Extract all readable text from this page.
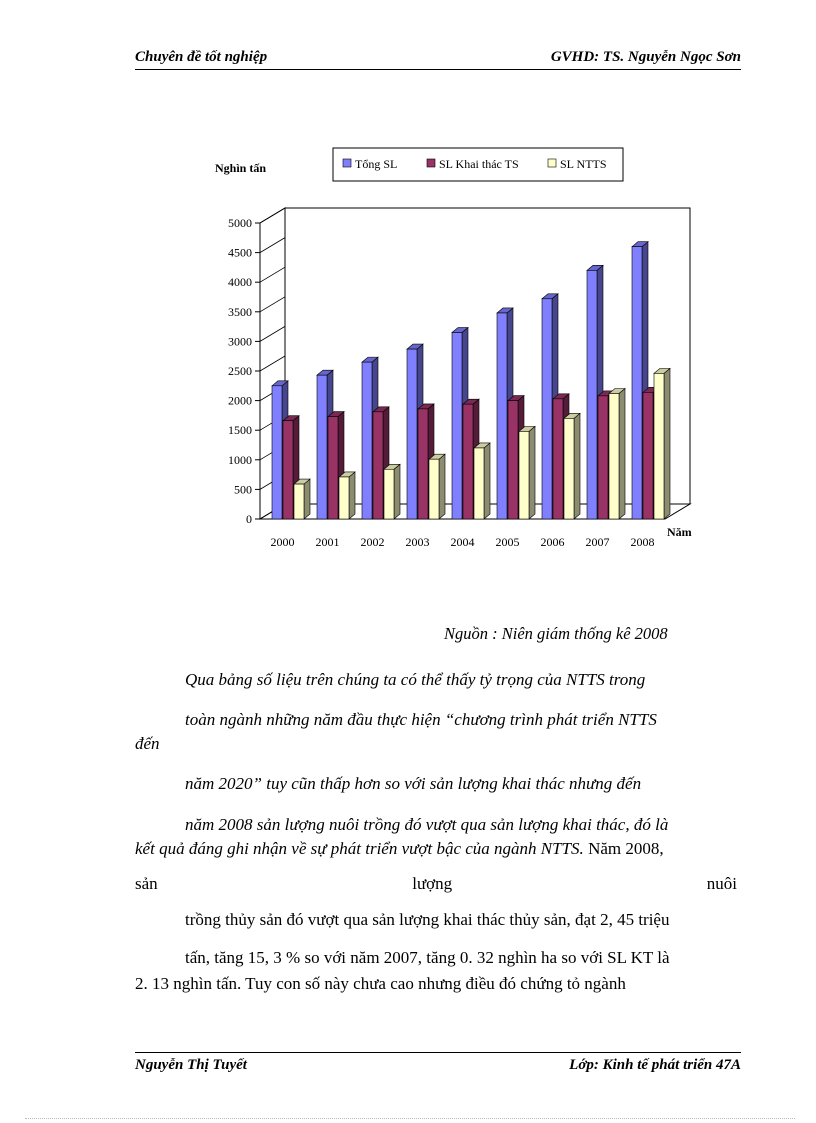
Chuyên đề tốt nghiệp	GVHD: TS. Nguyễn Ngọc Sơn
0
500
1000
1500
2000
2500
3000
3500
4000
4500
5000
2000 2001 2002 2003 2004 2005 2006 2007 2008
Nghìn tấn
Năm
Tổng SL	SL Khai thác TS	SL NTTS
Nguồn : Niên giám thống kê 2008
Qua bảng số liệu trên chúng ta có thể thấy tỷ trọng của NTTS trong
toàn ngành những năm đầu thực hiện “chương trình phát triển NTTS
đến
năm 2020” tuy cũn thấp hơn so với sản lượng khai thác nhưng đến
năm 2008 sản lượng nuôi trồng đó vượt qua sản lượng khai thác, đó là
kết quả đáng ghi nhận về sự phát triển vượt bậc của ngành NTTS. Năm 2008,
sản	lượng	nuôi
trồng thủy sản đó vượt qua sản lượng khai thác thủy sản, đạt 2, 45 triệu
tấn, tăng 15, 3 % so với năm 2007, tăng 0. 32 nghìn ha so với SL KT là
2. 13 nghìn tấn. Tuy con số này chưa cao nhưng điều đó chứng tỏ ngành
Nguyễn Thị Tuyết	Lớp: Kinh tế phát triển 47A
